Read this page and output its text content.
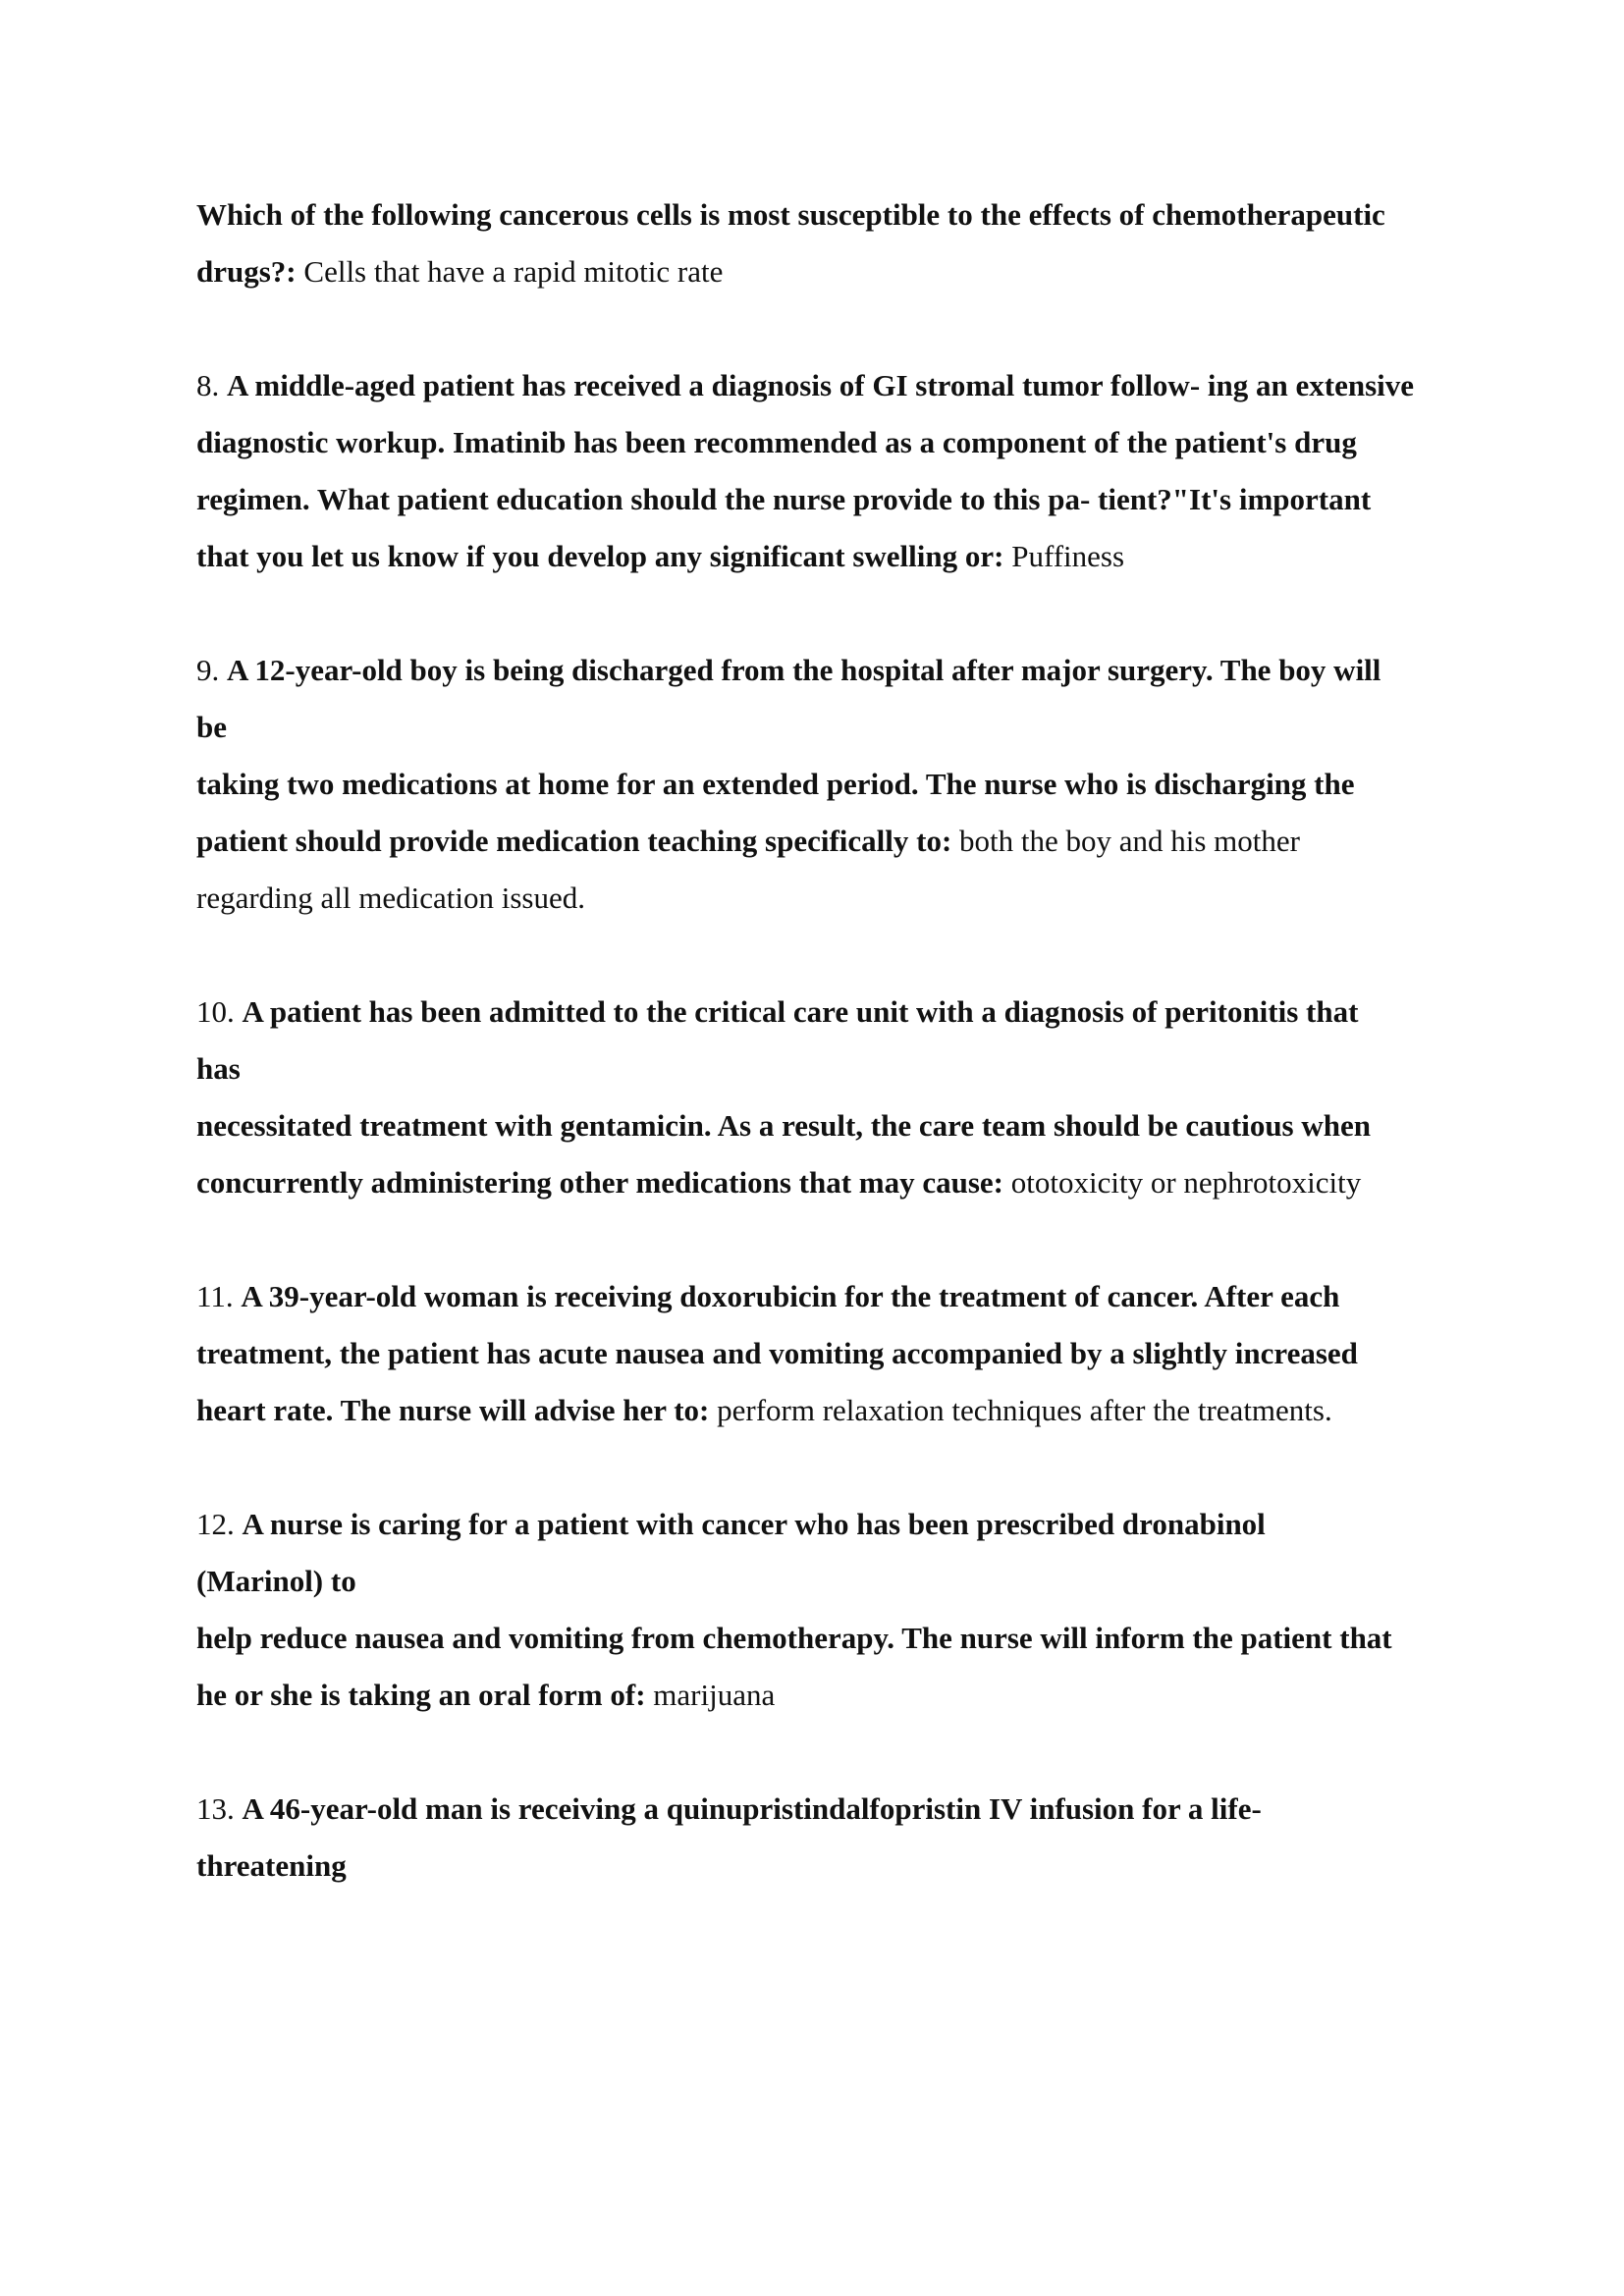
Which of the following cancerous cells is most susceptible to the effects of chemotherapeutic
drugs?: Cells that have a rapid mitotic rate
8. A middle-aged patient has received a diagnosis of GI stromal tumor follow- ing an extensive
diagnostic workup. Imatinib has been recommended as a component of the patient's drug
regimen. What patient education should the nurse provide to this pa- tient?"It's important
that you let us know if you develop any significant swelling or: Puffiness
9. A 12-year-old boy is being discharged from the hospital after major surgery. The boy will
be
taking two medications at home for an extended period. The nurse who is discharging the
patient should provide medication teaching specifically to: both the boy and his mother
regarding all medication issued.
10. A patient has been admitted to the critical care unit with a diagnosis of peritonitis that
has
necessitated treatment with gentamicin. As a result, the care team should be cautious when
concurrently administering other medications that may cause: ototoxicity or nephrotoxicity
11. A 39-year-old woman is receiving doxorubicin for the treatment of cancer. After each
treatment, the patient has acute nausea and vomiting accompanied by a slightly increased
heart rate. The nurse will advise her to: perform relaxation techniques after the treatments.
12. A nurse is caring for a patient with cancer who has been prescribed dronabinol
(Marinol) to
help reduce nausea and vomiting from chemotherapy. The nurse will inform the patient that
he or she is taking an oral form of: marijuana
13. A 46-year-old man is receiving a quinupristindalfopristin IV infusion for a life-
threatening
